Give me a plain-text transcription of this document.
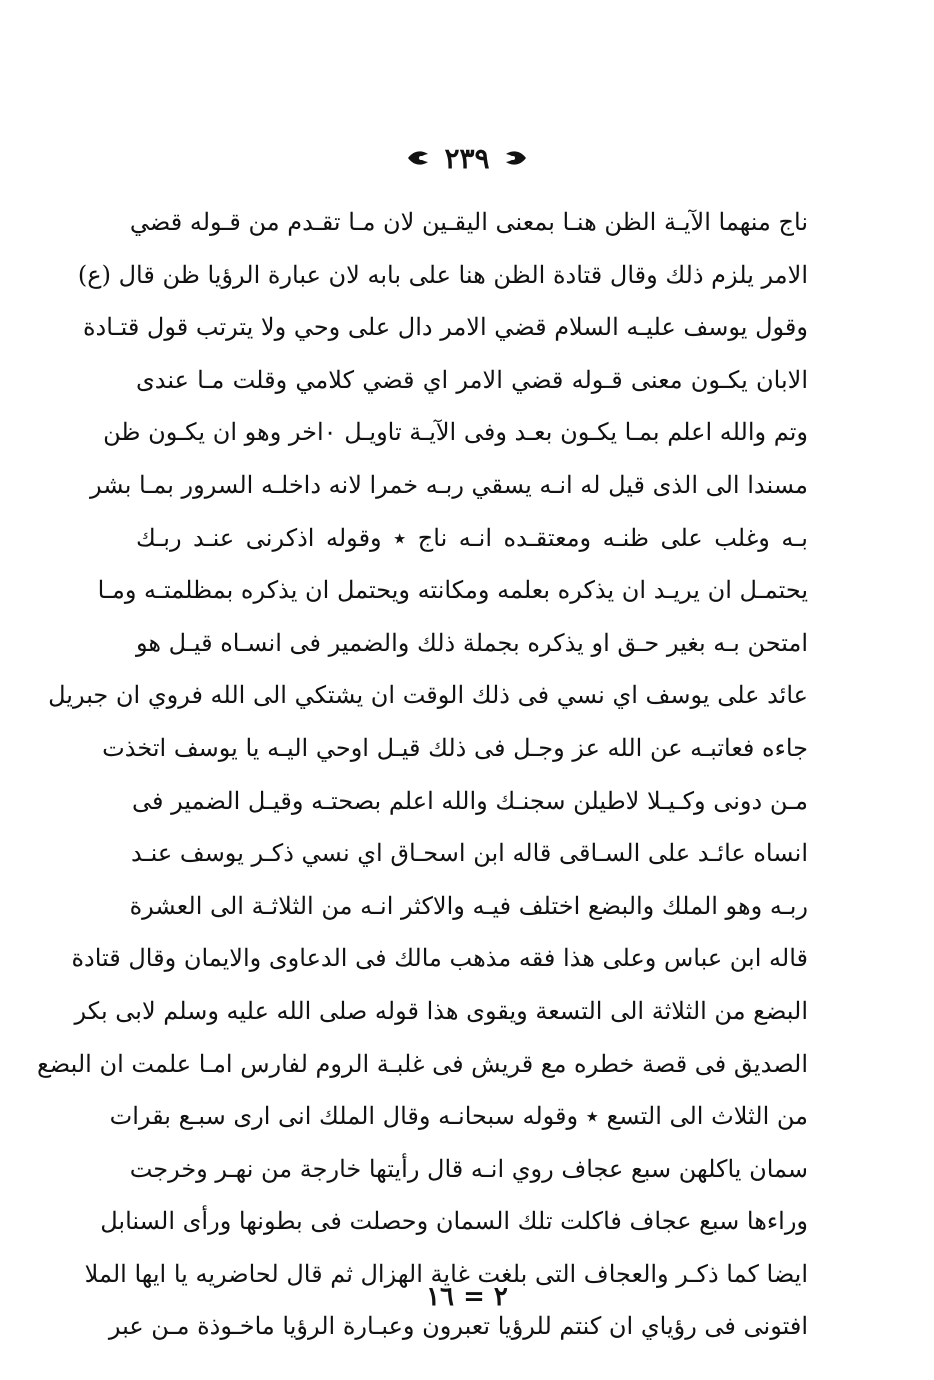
٢٣٩
ناج منهما الآيـة الظن هنـا بمعنى اليقـين لان مـا تقـدم من قـوله قضي
الامر يلزم ذلك وقال قتادة الظن هنا على بابه لان عبارة الرؤيا ظن قال (ع)
وقول يوسف عليـه السلام قضي الامر دال على وحي ولا يترتب قول قتـادة
الابان يكـون معنى قـوله قضي الامر اي قضي كلامي وقلت مـا عندى
وتم والله اعلم بمـا يكـون بعـد وفى الآيـة تاويـل ٠اخر وهو ان يكـون ظن
مسندا الى الذى قيل له انـه يسقي ربـه خمرا لانه داخلـه السرور بمـا بشر
بـه وغلب على ظنـه ومعتقـده انـه ناج ٭ وقوله اذكرنى عنـد ربـك
يحتمـل ان يريـد ان يذكره بعلمه ومكانته ويحتمل ان يذكره بمظلمتـه ومـا
امتحن بـه بغير حـق او يذكره بجملة ذلك والضمير فى انسـاه قيـل هو
عائد على يوسف اي نسي فى ذلك الوقت ان يشتكي الى الله فروي ان جبريل
جاءه فعاتبـه عن الله عز وجـل فى ذلك قيـل اوحي اليـه يا يوسف اتخذت
مـن دونى وكـيـلا لاطيلن سجنـك والله اعلم بصحتـه وقيـل الضمير فى
انساه عائـد على السـاقى قاله ابن اسحـاق اي نسي ذكـر يوسف عنـد
ربـه وهو الملك والبضع اختلف فيـه والاكثر انـه من الثلاثـة الى العشرة
قاله ابن عباس وعلى هذا فقه مذهب مالك فى الدعاوى والايمان وقال قتادة
البضع من الثلاثة الى التسعة ويقوى هذا قوله صلى الله عليه وسلم لابى بكر
الصديق فى قصة خطره مع قريش فى غلبـة الروم لفارس امـا علمت ان البضع
من الثلاث الى التسع ٭ وقوله سبحانـه وقال الملك انى ارى سبـع بقرات
سمان ياكلهن سبع عجاف روي انـه قال رأيتها خارجة من نهـر وخرجت
وراءها سبع عجاف فاكلت تلك السمان وحصلت فى بطونها ورأى السنابل
ايضا كما ذكـر والعجاف التى بلغت غاية الهزال ثم قال لحاضريه يا ايها الملا
افتونى فى رؤياي ان كنتم للرؤيا تعبرون وعبـارة الرؤيا ماخـوذة مـن عبر
٢ = ١٦
